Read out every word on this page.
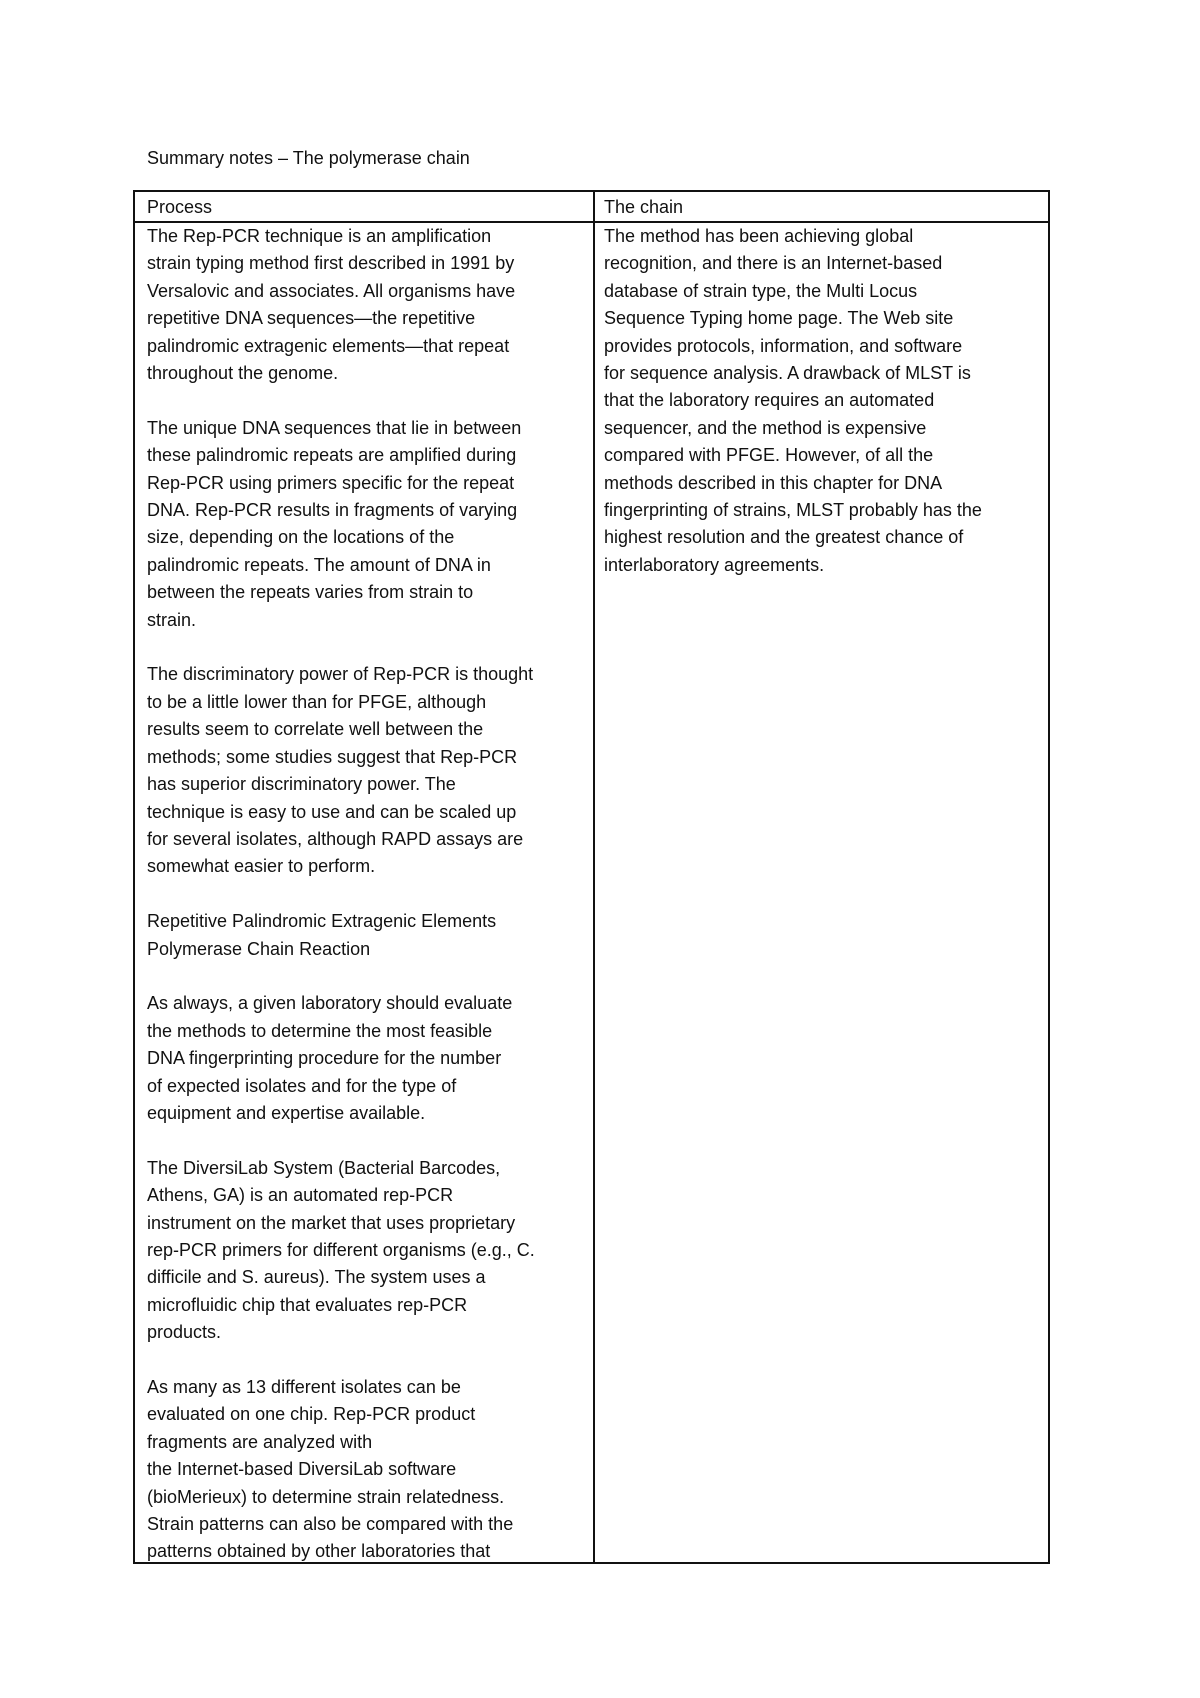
Summary notes – The polymerase chain
Process	The chain
The Rep-PCR technique is an amplification
strain typing method first described in 1991 by
Versalovic and associates. All organisms have
repetitive DNA sequences—the repetitive
palindromic extragenic elements—that repeat
throughout the genome.
The unique DNA sequences that lie in between
these palindromic repeats are amplified during
Rep-PCR using primers specific for the repeat
DNA. Rep-PCR results in fragments of varying
size, depending on the locations of the
palindromic repeats. The amount of DNA in
between the repeats varies from strain to
strain.
The discriminatory power of Rep-PCR is thought
to be a little lower than for PFGE, although
results seem to correlate well between the
methods; some studies suggest that Rep-PCR
has superior discriminatory power. The
technique is easy to use and can be scaled up
for several isolates, although RAPD assays are
somewhat easier to perform.
Repetitive Palindromic Extragenic Elements
Polymerase Chain Reaction
As always, a given laboratory should evaluate
the methods to determine the most feasible
DNA fingerprinting procedure for the number
of expected isolates and for the type of
equipment and expertise available.
The DiversiLab System (Bacterial Barcodes,
Athens, GA) is an automated rep-PCR
instrument on the market that uses proprietary
rep-PCR primers for different organisms (e.g., C.
difficile and S. aureus). The system uses a
microfluidic chip that evaluates rep-PCR
products.
As many as 13 different isolates can be
evaluated on one chip. Rep-PCR product
fragments are analyzed with
the Internet-based DiversiLab software
(bioMerieux) to determine strain relatedness.
Strain patterns can also be compared with the
patterns obtained by other laboratories that
The method has been achieving global
recognition, and there is an Internet-based
database of strain type, the Multi Locus
Sequence Typing home page. The Web site
provides protocols, information, and software
for sequence analysis. A drawback of MLST is
that the laboratory requires an automated
sequencer, and the method is expensive
compared with PFGE. However, of all the
methods described in this chapter for DNA
fingerprinting of strains, MLST probably has the
highest resolution and the greatest chance of
interlaboratory agreements.
